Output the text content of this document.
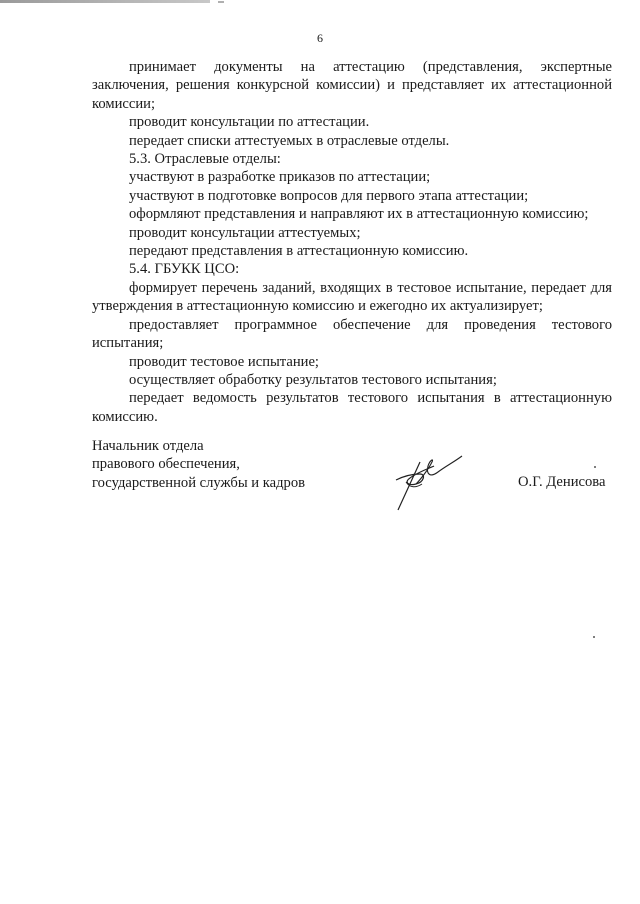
6

принимает документы на аттестацию (представления, экспертные заключения, решения конкурсной комиссии) и представляет их аттестационной комиссии;

проводит консультации по аттестации.

передает списки аттестуемых в отраслевые отделы.

5.3. Отраслевые отделы:

участвуют в разработке приказов по аттестации;

участвуют в подготовке вопросов для первого этапа аттестации;

оформляют представления и направляют их в аттестационную комиссию;

проводит консультации аттестуемых;

передают представления в аттестационную комиссию.

5.4. ГБУКК ЦСО:

формирует перечень заданий, входящих в тестовое испытание, передает для утверждения в аттестационную комиссию и ежегодно их актуализирует;

предоставляет программное обеспечение для проведения тестового испытания;

проводит тестовое испытание;

осуществляет обработку результатов тестового испытания;

передает ведомость результатов тестового испытания в аттестационную комиссию.

Начальник отдела
правового обеспечения,
государственной службы и кадров	О.Г. Денисова
